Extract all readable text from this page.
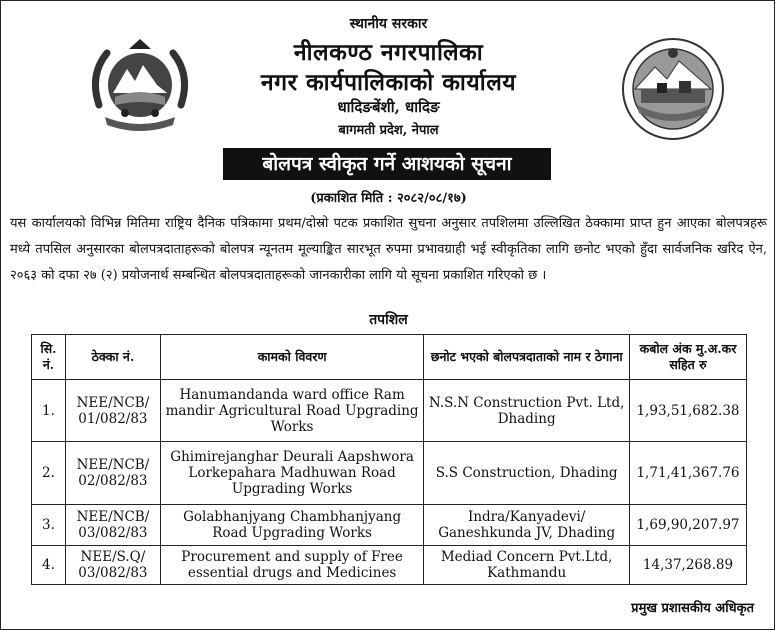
स्थानीय सरकार
नीलकण्ठ नगरपालिका
नगर कार्यपालिकाको कार्यालय
धादिङबेंशी, धादिङ
बागमती प्रदेश, नेपाल
बोलपत्र स्वीकृत गर्ने आशयको सूचना
(प्रकाशित मिति : २०८२/०८/१७)
यस कार्यालयको विभिन्न मितिमा राष्ट्रिय दैनिक पत्रिकामा प्रथम/दोस्रो पटक प्रकाशित सुचना अनुसार तपशिलमा उल्लिखित ठेक्कामा प्राप्त हुन आएका बोलपत्रहरू मध्ये तपसिल अनुसारका बोलपत्रदाताहरूको बोलपत्र न्यूनतम मूल्याङ्कित सारभूत रुपमा प्रभावग्राही भई स्वीकृतिका लागि छनोट भएको हुँदा सार्वजनिक खरिद ऐन, २०६३ को दफा २७ (२) प्रयोजनार्थ सम्बन्धित बोलपत्रदाताहरूको जानकारीका लागि यो सूचना प्रकाशित गरिएको छ ।
तपशिल
सि. नं.	ठेक्का नं.	कामको विवरण	छनोट भएको बोलपत्रदाताको नाम र ठेगाना	कबोल अंक मु.अ.कर सहित रु
1.	NEE/NCB/ 01/082/83	Hanumandanda ward office Ram mandir Agricultural Road Upgrading Works	N.S.N Construction Pvt. Ltd, Dhading	1,93,51,682.38
2.	NEE/NCB/ 02/082/83	Ghimirejanghar Deurali Aapshwora Lorkepahara Madhuwan Road Upgrading Works	S.S Construction, Dhading	1,71,41,367.76
3.	NEE/NCB/ 03/082/83	Golabhanjyang Chambhanjyang Road Upgrading Works	Indra/Kanyadevi/ Ganeshkunda JV, Dhading	1,69,90,207.97
4.	NEE/S.Q/ 03/082/83	Procurement and supply of Free essential drugs and Medicines	Mediad Concern Pvt.Ltd, Kathmandu	14,37,268.89
प्रमुख प्रशासकीय अधिकृत
